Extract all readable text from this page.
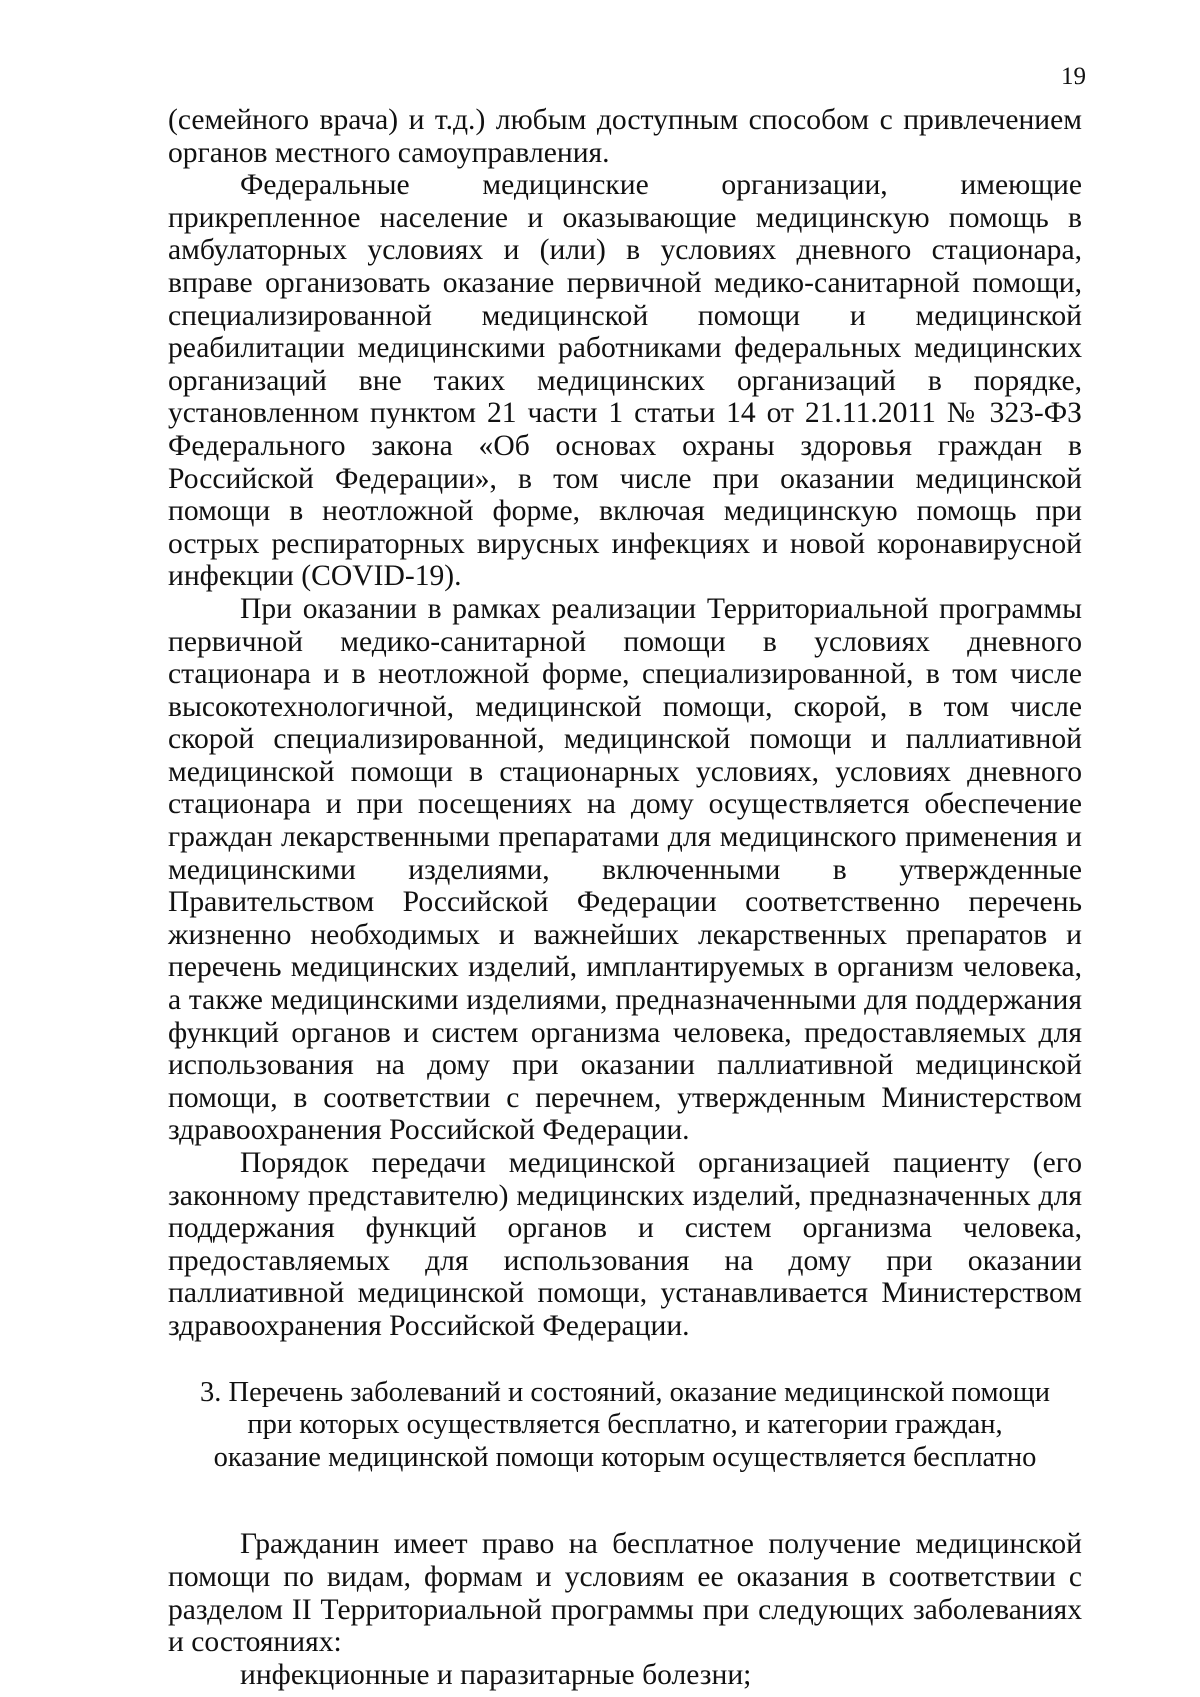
19

(семейного врача) и т.д.) любым доступным способом с привлечением органов местного самоуправления.

Федеральные медицинские организации, имеющие прикрепленное население и оказывающие медицинскую помощь в амбулаторных условиях и (или) в условиях дневного стационара, вправе организовать оказание первичной медико-санитарной помощи, специализированной медицинской помощи и медицинской реабилитации медицинскими работниками федеральных медицинских организаций вне таких медицинских организаций в порядке, установленном пунктом 21 части 1 статьи 14 от 21.11.2011 № 323-ФЗ Федерального закона «Об основах охраны здоровья граждан в Российской Федерации», в том числе при оказании медицинской помощи в неотложной форме, включая медицинскую помощь при острых респираторных вирусных инфекциях и новой коронавирусной инфекции (COVID-19).

При оказании в рамках реализации Территориальной программы первичной медико-санитарной помощи в условиях дневного стационара и в неотложной форме, специализированной, в том числе высокотехнологичной, медицинской помощи, скорой, в том числе скорой специализированной, медицинской помощи и паллиативной медицинской помощи в стационарных условиях, условиях дневного стационара и при посещениях на дому осуществляется обеспечение граждан лекарственными препаратами для медицинского применения и медицинскими изделиями, включенными в утвержденные Правительством Российской Федерации соответственно перечень жизненно необходимых и важнейших лекарственных препаратов и перечень медицинских изделий, имплантируемых в организм человека, а также медицинскими изделиями, предназначенными для поддержания функций органов и систем организма человека, предоставляемых для использования на дому при оказании паллиативной медицинской помощи, в соответствии с перечнем, утвержденным Министерством здравоохранения Российской Федерации.

Порядок передачи медицинской организацией пациенту (его законному представителю) медицинских изделий, предназначенных для поддержания функций органов и систем организма человека, предоставляемых для использования на дому при оказании паллиативной медицинской помощи, устанавливается Министерством здравоохранения Российской Федерации.

3. Перечень заболеваний и состояний, оказание медицинской помощи при которых осуществляется бесплатно, и категории граждан, оказание медицинской помощи которым осуществляется бесплатно

Гражданин имеет право на бесплатное получение медицинской помощи по видам, формам и условиям ее оказания в соответствии с разделом II Территориальной программы при следующих заболеваниях и состояниях:

инфекционные и паразитарные болезни;
